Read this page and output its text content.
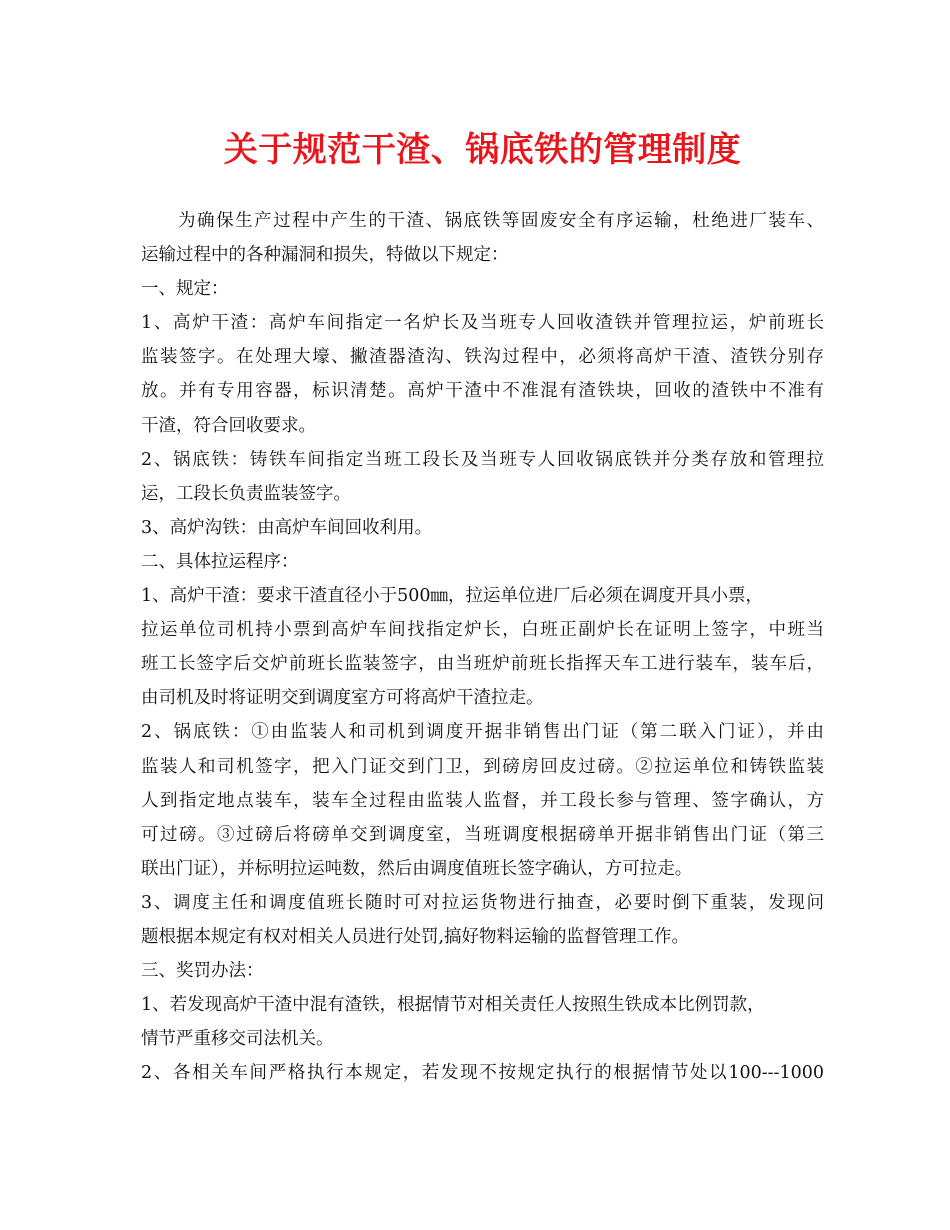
关于规范干渣、锅底铁的管理制度
为确保生产过程中产生的干渣、锅底铁等固废安全有序运输，杜绝进厂装车、
运输过程中的各种漏洞和损失，特做以下规定：
一、规定：
1、高炉干渣：高炉车间指定一名炉长及当班专人回收渣铁并管理拉运，炉前班长
监装签字。在处理大壕、撇渣器渣沟、铁沟过程中，必须将高炉干渣、渣铁分别存
放。并有专用容器，标识清楚。高炉干渣中不准混有渣铁块，回收的渣铁中不准有
干渣，符合回收要求。
2、锅底铁：铸铁车间指定当班工段长及当班专人回收锅底铁并分类存放和管理拉
运，工段长负责监装签字。
3、高炉沟铁：由高炉车间回收利用。
二、具体拉运程序：
1、高炉干渣：要求干渣直径小于500㎜，拉运单位进厂后必须在调度开具小票，
拉运单位司机持小票到高炉车间找指定炉长，白班正副炉长在证明上签字，中班当
班工长签字后交炉前班长监装签字，由当班炉前班长指挥天车工进行装车，装车后，
由司机及时将证明交到调度室方可将高炉干渣拉走。
2、锅底铁：①由监装人和司机到调度开据非销售出门证（第二联入门证），并由
监装人和司机签字，把入门证交到门卫，到磅房回皮过磅。②拉运单位和铸铁监装
人到指定地点装车，装车全过程由监装人监督，并工段长参与管理、签字确认，方
可过磅。③过磅后将磅单交到调度室，当班调度根据磅单开据非销售出门证（第三
联出门证），并标明拉运吨数，然后由调度值班长签字确认，方可拉走。
3、调度主任和调度值班长随时可对拉运货物进行抽查，必要时倒下重装，发现问
题根据本规定有权对相关人员进行处罚,搞好物料运输的监督管理工作。
三、奖罚办法：
1、若发现高炉干渣中混有渣铁，根据情节对相关责任人按照生铁成本比例罚款，
情节严重移交司法机关。
2、各相关车间严格执行本规定，若发现不按规定执行的根据情节处以100---1000
